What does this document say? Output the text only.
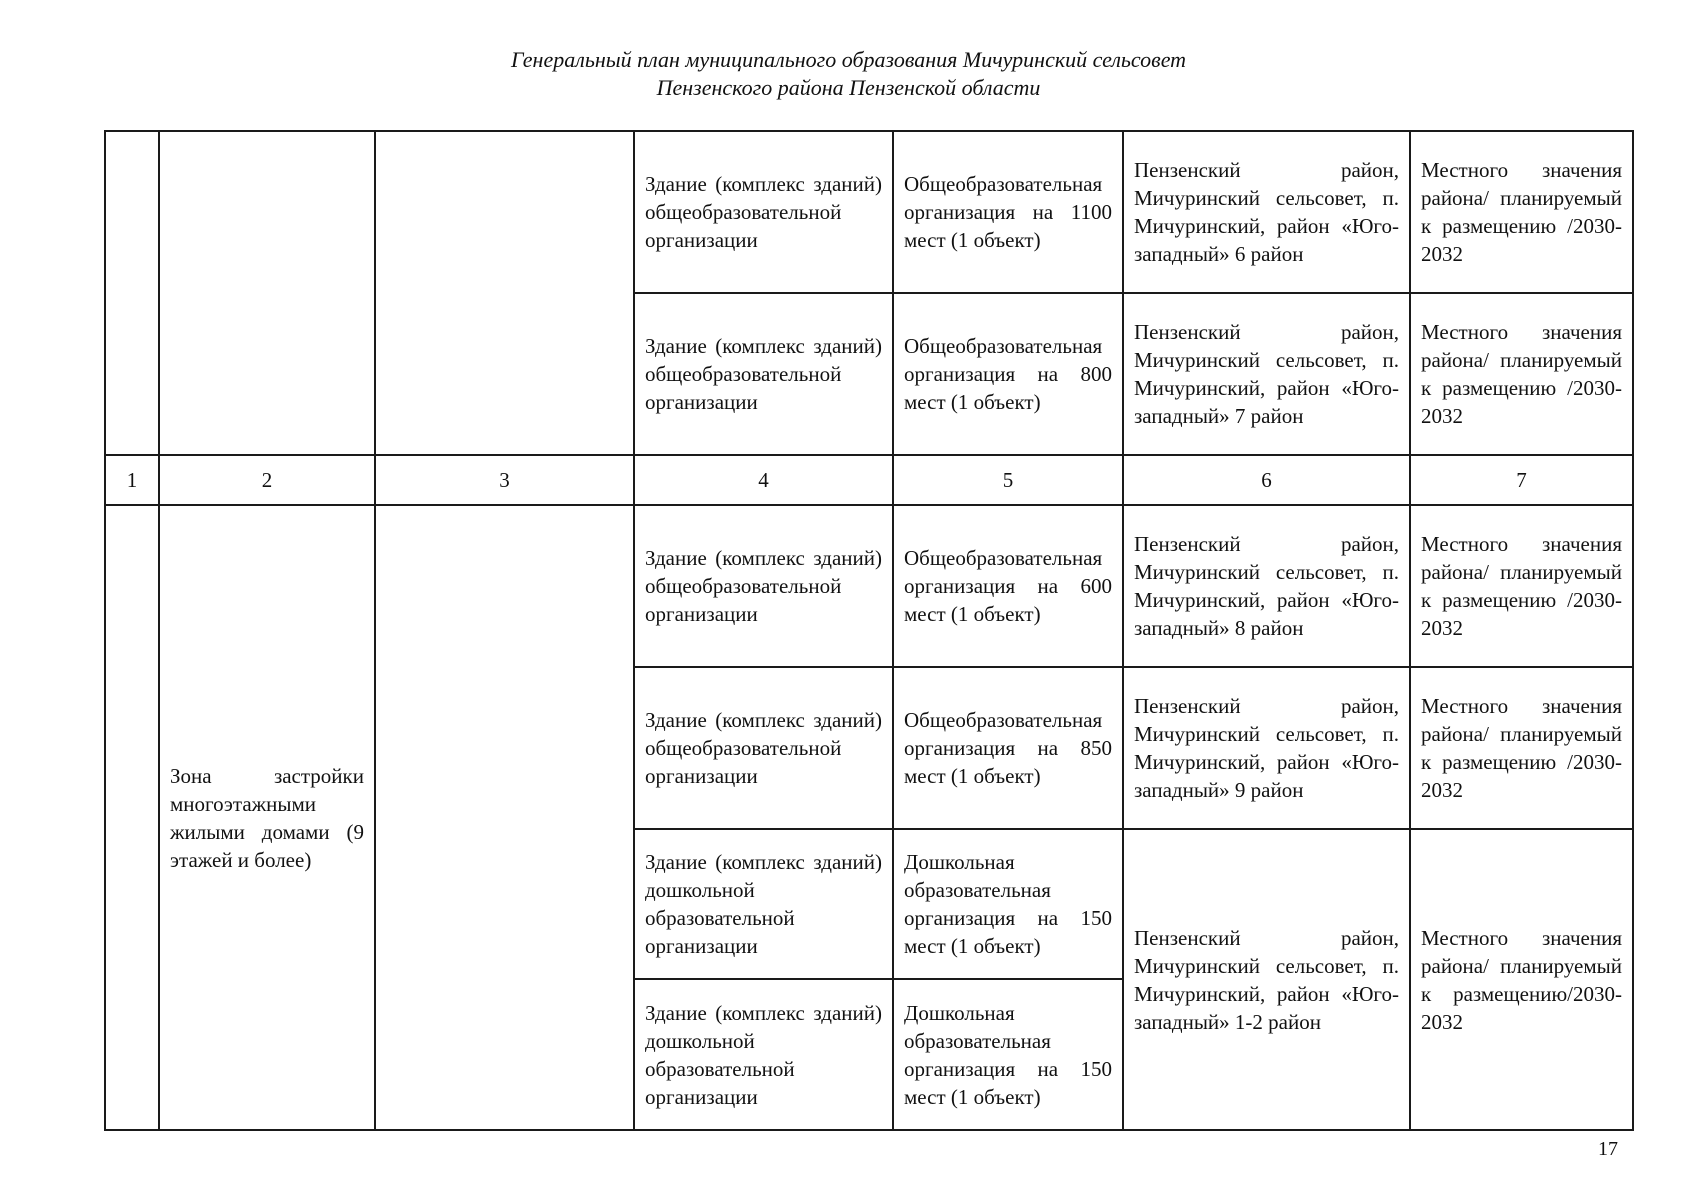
Генеральный план муниципального образования Мичуринский сельсовет
Пензенского района Пензенской области
			Здание (комплекс зданий) общеобразовательной организации	Общеобразовательная организация на 1100 мест (1 объект)	Пензенский район, Мичуринский сельсовет, п. Мичуринский, район «Юго-западный» 6 район	Местного значения района/ планируемый к размещению /2030-2032
			Здание (комплекс зданий) общеобразовательной организации	Общеобразовательная организация на 800 мест (1 объект)	Пензенский район, Мичуринский сельсовет, п. Мичуринский, район «Юго-западный» 7 район	Местного значения района/ планируемый к размещению /2030-2032
1	2	3	4	5	6	7
	Зона застройки многоэтажными жилыми домами (9 этажей и более)		Здание (комплекс зданий) общеобразовательной организации	Общеобразовательная организация на 600 мест (1 объект)	Пензенский район, Мичуринский сельсовет, п. Мичуринский, район «Юго-западный» 8 район	Местного значения района/ планируемый к размещению /2030-2032
			Здание (комплекс зданий) общеобразовательной организации	Общеобразовательная организация на 850 мест (1 объект)	Пензенский район, Мичуринский сельсовет, п. Мичуринский, район «Юго-западный» 9 район	Местного значения района/ планируемый к размещению /2030-2032
			Здание (комплекс зданий) дошкольной образовательной организации	Дошкольная образовательная организация на 150 мест (1 объект)	Пензенский район, Мичуринский сельсовет, п. Мичуринский, район «Юго-западный» 1-2 район	Местного значения района/ планируемый к размещению/2030-2032
			Здание (комплекс зданий) дошкольной образовательной организации	Дошкольная образовательная организация на 150 мест (1 объект)		
17
